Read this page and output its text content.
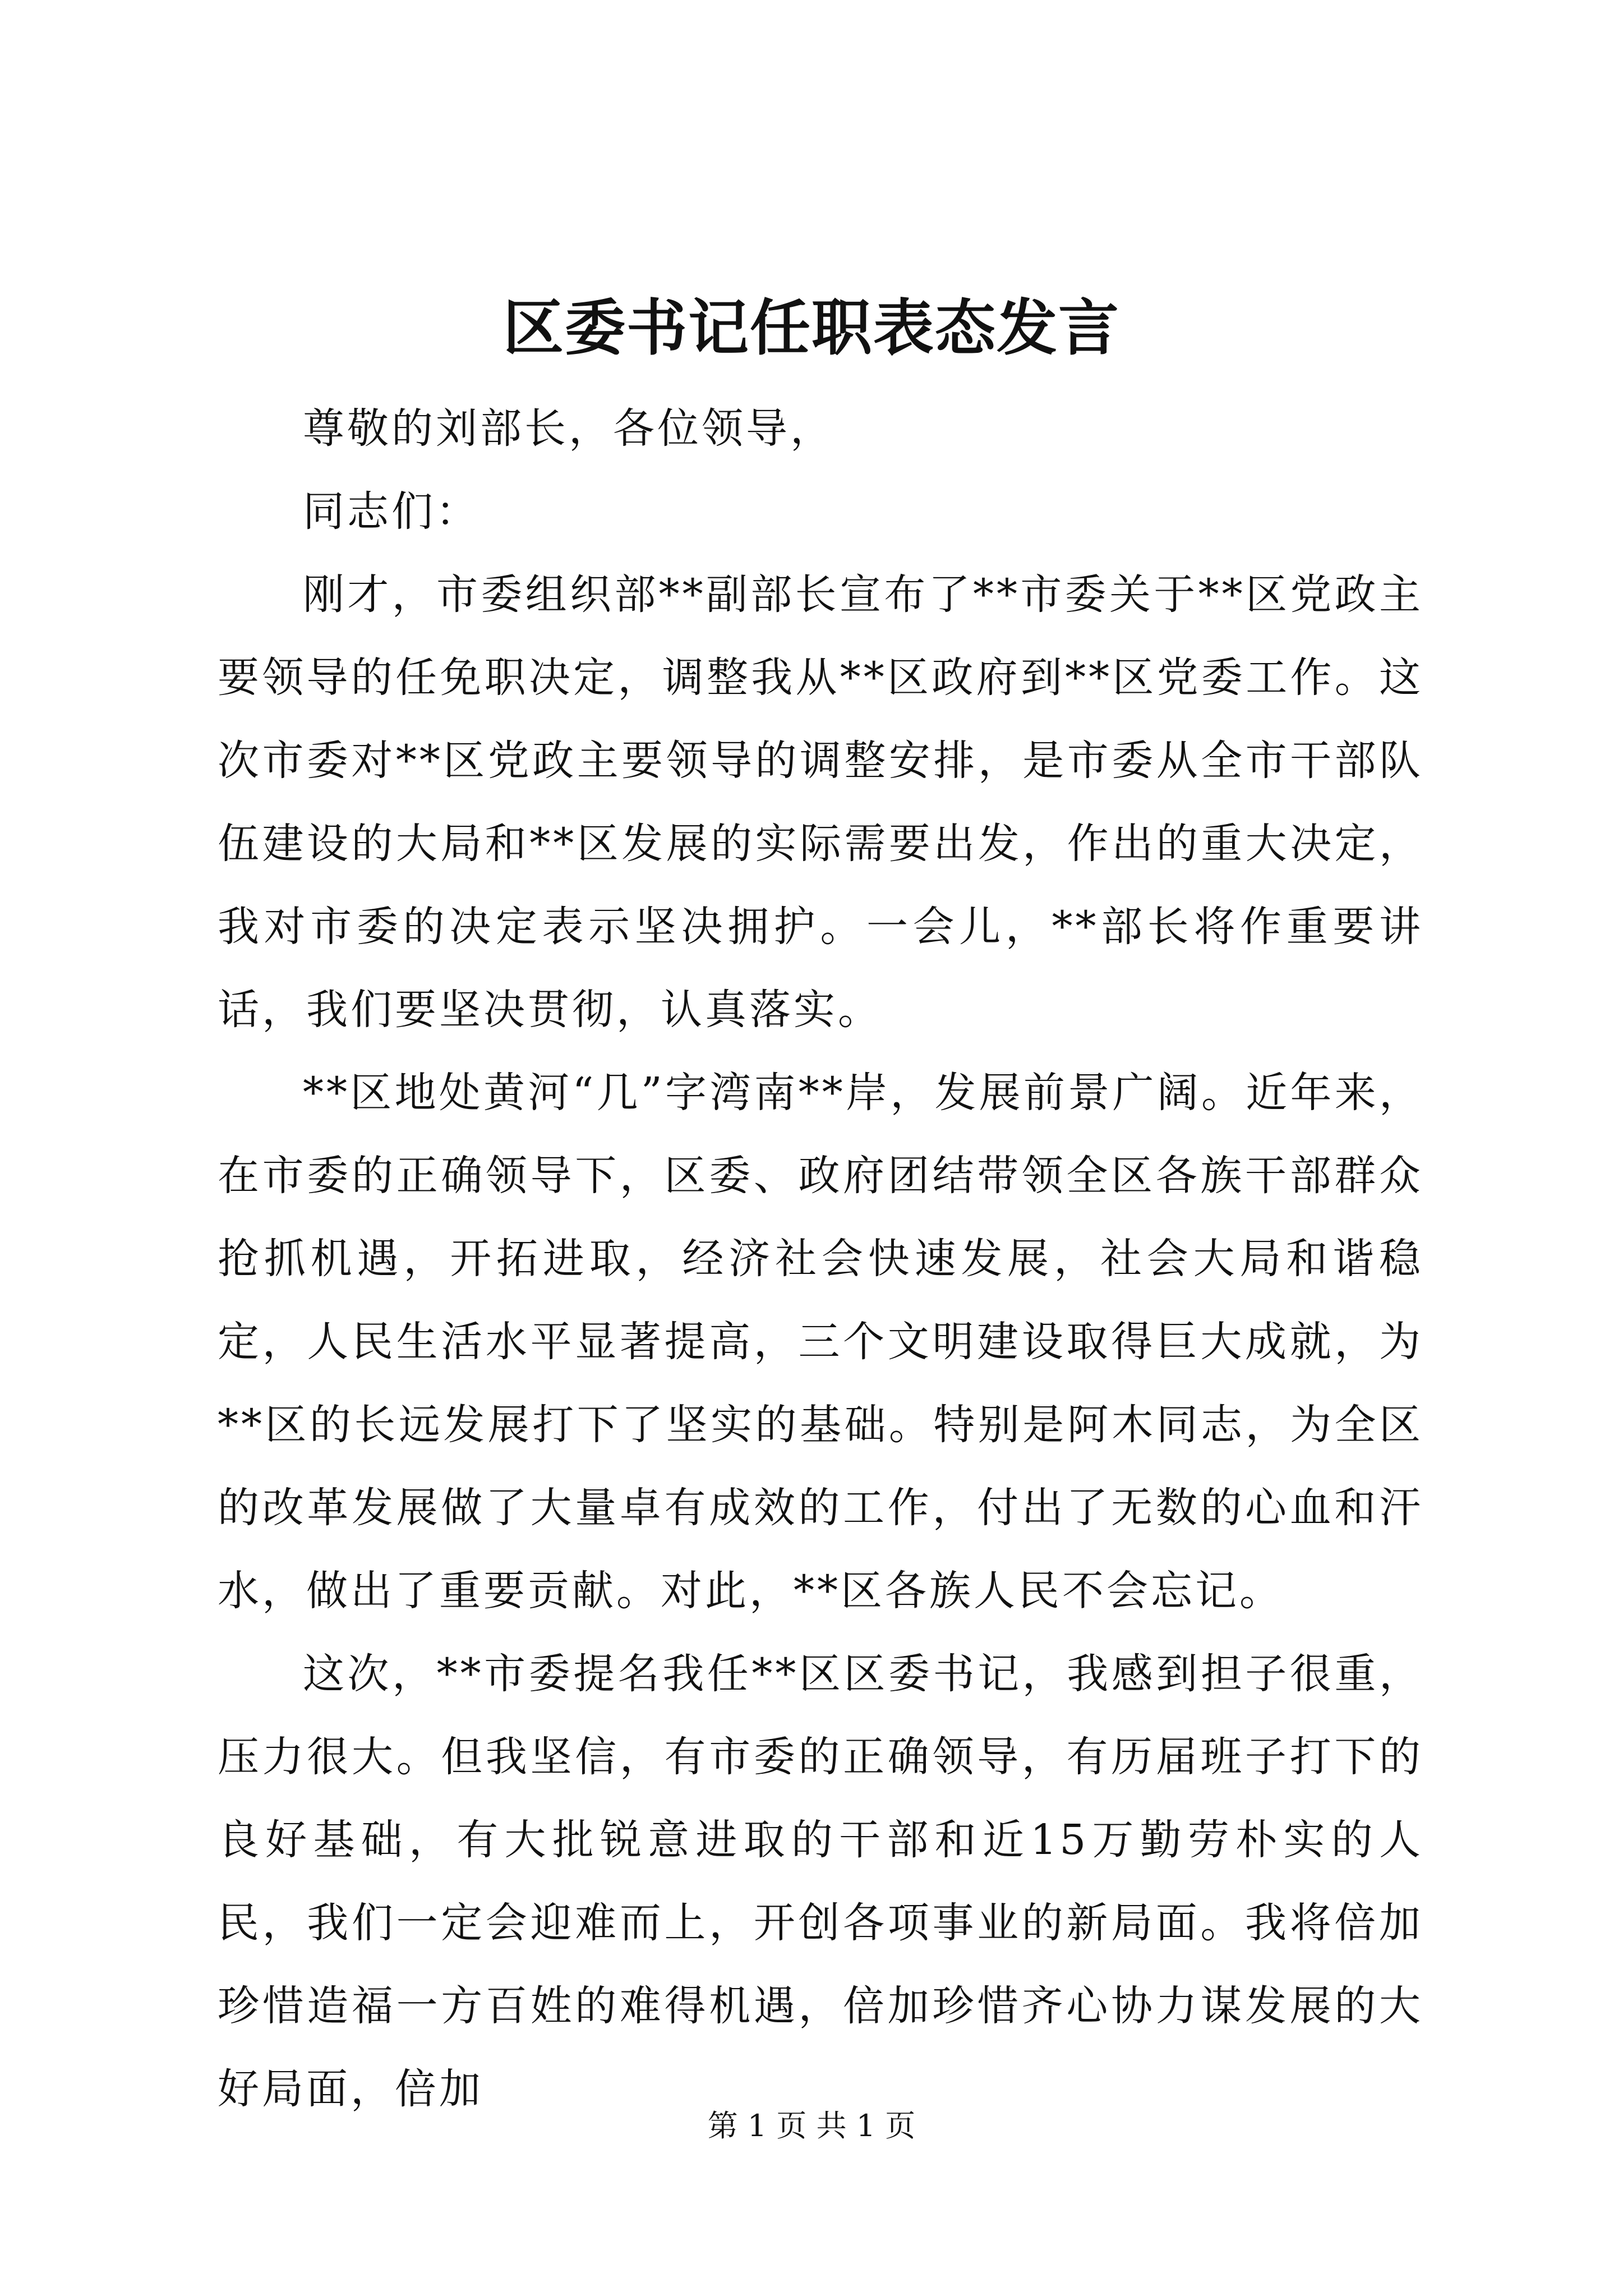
区委书记任职表态发言

尊敬的刘部长，各位领导，

同志们：

刚才，市委组织部**副部长宣布了**市委关于**区党政主要领导的任免职决定，调整我从**区政府到**区党委工作。这次市委对**区党政主要领导的调整安排，是市委从全市干部队伍建设的大局和**区发展的实际需要出发，作出的重大决定，我对市委的决定表示坚决拥护。一会儿，**部长将作重要讲话，我们要坚决贯彻，认真落实。

**区地处黄河“几”字湾南**岸，发展前景广阔。近年来，在市委的正确领导下，区委、政府团结带领全区各族干部群众抢抓机遇，开拓进取，经济社会快速发展，社会大局和谐稳定，人民生活水平显著提高，三个文明建设取得巨大成就，为**区的长远发展打下了坚实的基础。特别是阿木同志，为全区的改革发展做了大量卓有成效的工作，付出了无数的心血和汗水，做出了重要贡献。对此，**区各族人民不会忘记。

这次，**市委提名我任**区区委书记，我感到担子很重，压力很大。但我坚信，有市委的正确领导，有历届班子打下的良好基础，有大批锐意进取的干部和近15万勤劳朴实的人民，我们一定会迎难而上，开创各项事业的新局面。我将倍加珍惜造福一方百姓的难得机遇，倍加珍惜齐心协力谋发展的大好局面，倍加

第 1 页 共 1 页
